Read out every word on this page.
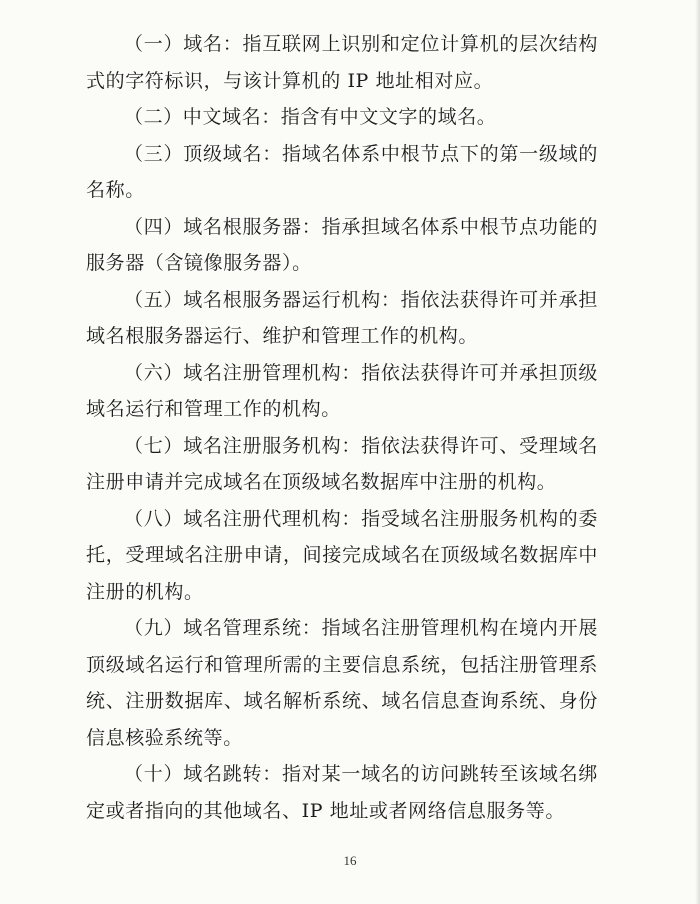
（一）域名：指互联网上识别和定位计算机的层次结构式的字符标识，与该计算机的 IP 地址相对应。

（二）中文域名：指含有中文文字的域名。

（三）顶级域名：指域名体系中根节点下的第一级域的名称。

（四）域名根服务器：指承担域名体系中根节点功能的服务器（含镜像服务器）。

（五）域名根服务器运行机构：指依法获得许可并承担域名根服务器运行、维护和管理工作的机构。

（六）域名注册管理机构：指依法获得许可并承担顶级域名运行和管理工作的机构。

（七）域名注册服务机构：指依法获得许可、受理域名注册申请并完成域名在顶级域名数据库中注册的机构。

（八）域名注册代理机构：指受域名注册服务机构的委托，受理域名注册申请，间接完成域名在顶级域名数据库中注册的机构。

（九）域名管理系统：指域名注册管理机构在境内开展顶级域名运行和管理所需的主要信息系统，包括注册管理系统、注册数据库、域名解析系统、域名信息查询系统、身份信息核验系统等。

（十）域名跳转：指对某一域名的访问跳转至该域名绑定或者指向的其他域名、IP 地址或者网络信息服务等。

16
